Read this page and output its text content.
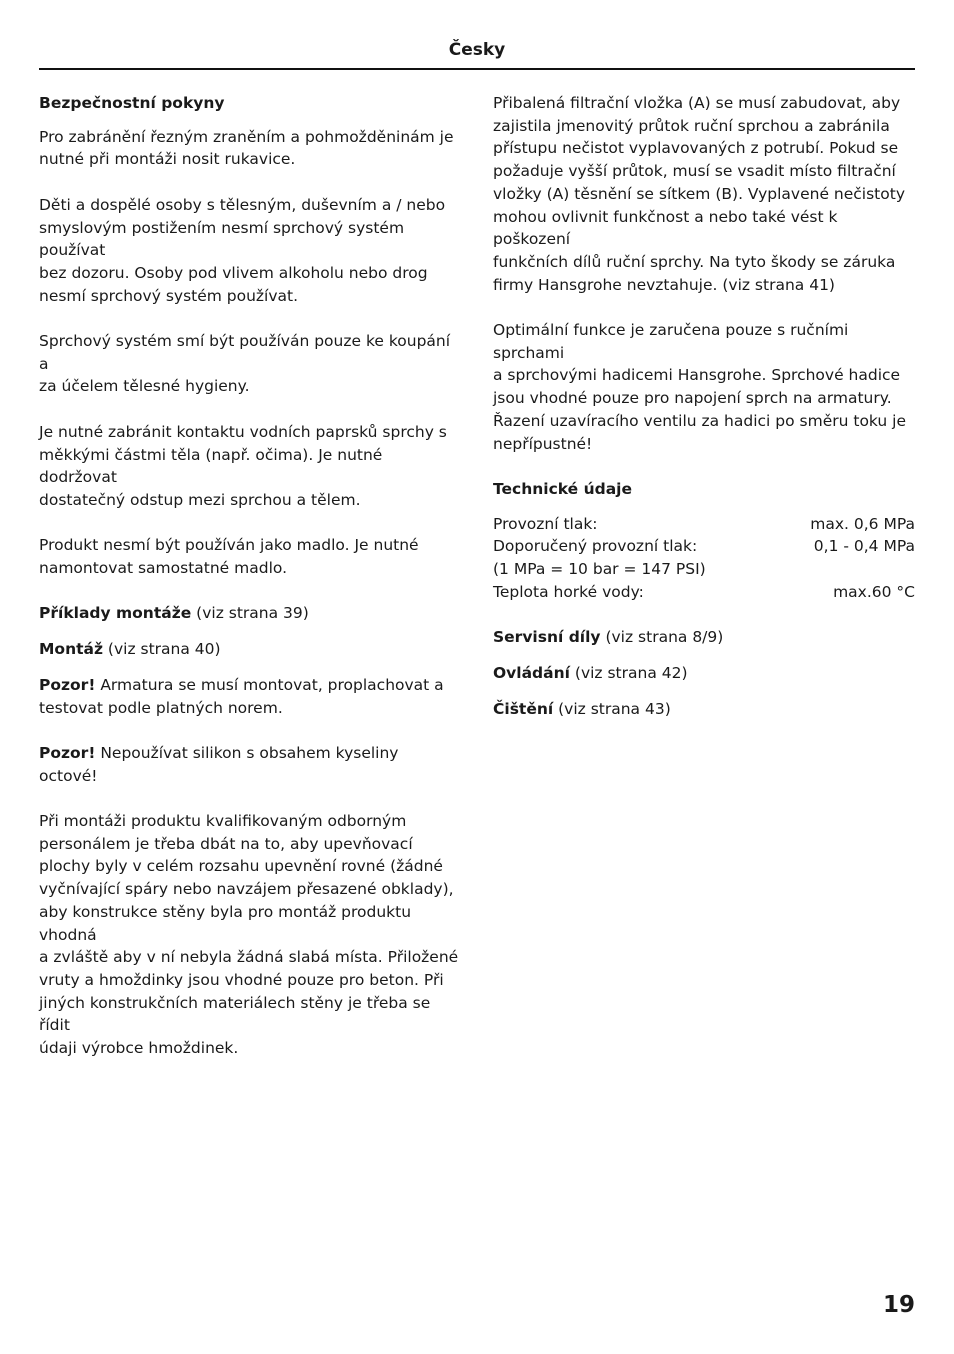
Česky

Bezpečnostní pokyny

Pro zabránění řezným zraněním a pohmožděninám je
nutné při montáži nosit rukavice.

Děti a dospělé osoby s tělesným, duševním a / nebo
smyslovým postižením nesmí sprchový systém používat
bez dozoru. Osoby pod vlivem alkoholu nebo drog
nesmí sprchový systém používat.

Sprchový systém smí být používán pouze ke koupání a
za účelem tělesné hygieny.

Je nutné zabránit kontaktu vodních paprsků sprchy s
měkkými částmi těla (např. očima). Je nutné dodržovat
dostatečný odstup mezi sprchou a tělem.

Produkt nesmí být používán jako madlo. Je nutné
namontovat samostatné madlo.

Příklady montáže (viz strana 39)

Montáž (viz strana 40)

Pozor! Armatura se musí montovat, proplachovat a
testovat podle platných norem.

Pozor! Nepoužívat silikon s obsahem kyseliny octové!

Při montáži produktu kvalifikovaným odborným
personálem je třeba dbát na to, aby upevňovací
plochy byly v celém rozsahu upevnění rovné (žádné
vyčnívající spáry nebo navzájem přesazené obklady),
aby konstrukce stěny byla pro montáž produktu vhodná
a zvláště aby v ní nebyla žádná slabá místa. Přiložené
vruty a hmoždinky jsou vhodné pouze pro beton. Při
jiných konstrukčních materiálech stěny je třeba se řídit
údaji výrobce hmoždinek.

Přibalená filtrační vložka (A) se musí zabudovat, aby
zajistila jmenovitý průtok ruční sprchou a zabránila
přístupu nečistot vyplavovaných z potrubí. Pokud se
požaduje vyšší průtok, musí se vsadit místo filtrační
vložky (A) těsnění se sítkem (B). Vyplavené nečistoty
mohou ovlivnit funkčnost a nebo také vést k poškození
funkčních dílů ruční sprchy. Na tyto škody se záruka
firmy Hansgrohe nevztahuje. (viz strana 41)

Optimální funkce je zaručena pouze s ručními sprchami
a sprchovými hadicemi Hansgrohe. Sprchové hadice
jsou vhodné pouze pro napojení sprch na armatury.
Řazení uzavíracího ventilu za hadici po směru toku je
nepřípustné!

Technické údaje

Provozní tlak:	max. 0,6 MPa
Doporučený provozní tlak:	0,1 - 0,4 MPa
(1 MPa = 10 bar = 147 PSI)
Teplota horké vody:	max.60 °C

Servisní díly (viz strana 8/9)

Ovládání (viz strana 42)

Čištění (viz strana 43)

19
